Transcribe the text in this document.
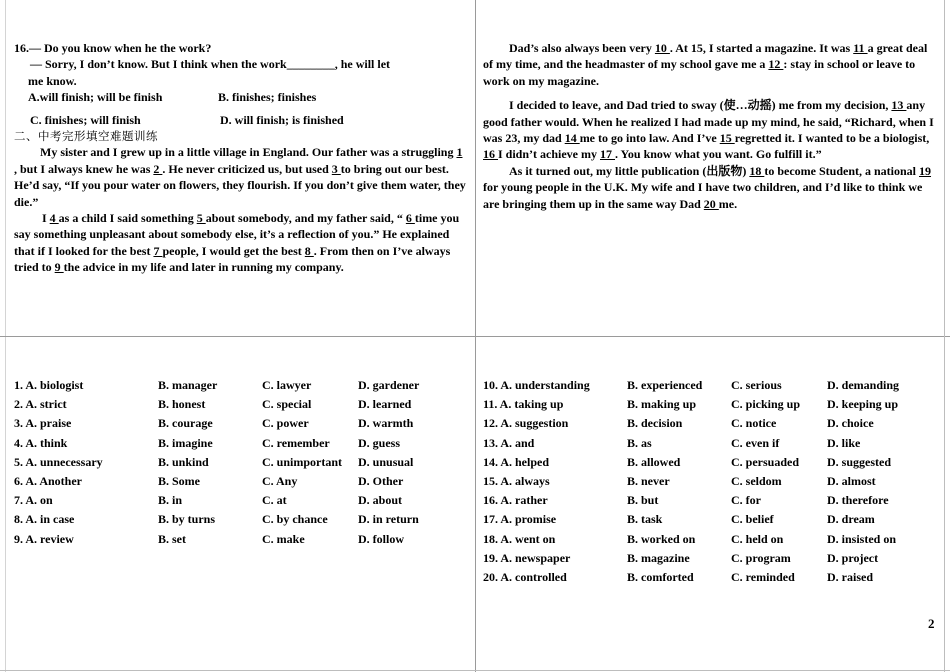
16.— Do you know when he the work?

— Sorry, I don’t know. But I think when the work________, he will let

me know.

A.will finish; will be finish	B. finishes; finishes
C. finishes; will finish	D. will finish; is finished

二、中考完形填空难题训练

My sister and I grew up in a little village in England. Our father was a struggling 1 , but I always knew he was 2 . He never criticized us, but used 3 to bring out our best. He’d say, “If you pour water on flowers, they flourish. If you don’t give them water, they die.”

I 4 as a child I said something 5 about somebody, and my father said, “ 6 time you say something unpleasant about somebody else, it’s a reflection of you.” He explained that if I looked for the best 7 people, I would get the best 8 . From then on I’ve always tried to 9 the advice in my life and later in running my company.

Dad’s also always been very 10 . At 15, I started a magazine. It was 11 a great deal of my time, and the headmaster of my school gave me a 12 : stay in school or leave to work on my magazine.

I decided to leave, and Dad tried to sway (使…动摇) me from my decision, 13 any good father would. When he realized I had made up my mind, he said, “Richard, when I was 23, my dad 14 me to go into law. And I’ve 15 regretted it. I wanted to be a biologist, 16 I didn’t achieve my 17 . You know what you want. Go fulfill it.”

As it turned out, my little publication (出版物) 18 to become Student, a national 19 for young people in the U.K. My wife and I have two children, and I’d like to think we are bringing them up in the same way Dad 20 me.

1. A. biologist	B. manager	C. lawyer	D. gardener
2. A. strict	B. honest	C. special	D. learned
3. A. praise	B. courage	C. power	D. warmth
4. A. think	B. imagine	C. remember	D. guess
5. A. unnecessary	B. unkind	C. unimportant	D. unusual
6. A. Another	B. Some	C. Any	D. Other
7. A. on	B. in	C. at	D. about
8. A. in case	B. by turns	C. by chance	D. in return
9. A. review	B. set	C. make	D. follow
10. A. understanding	B. experienced	C. serious	D. demanding
11. A. taking up	B. making up	C. picking up	D. keeping up
12. A. suggestion	B. decision	C. notice	D. choice
13. A. and	B. as	C. even if	D. like
14. A. helped	B. allowed	C. persuaded	D. suggested
15. A. always	B. never	C. seldom	D. almost
16. A. rather	B. but	C. for	D. therefore
17. A. promise	B. task	C. belief	D. dream
18. A. went on	B. worked on	C. held on	D. insisted on
19. A. newspaper	B. magazine	C. program	D. project
20. A. controlled	B. comforted	C. reminded	D. raised
2
